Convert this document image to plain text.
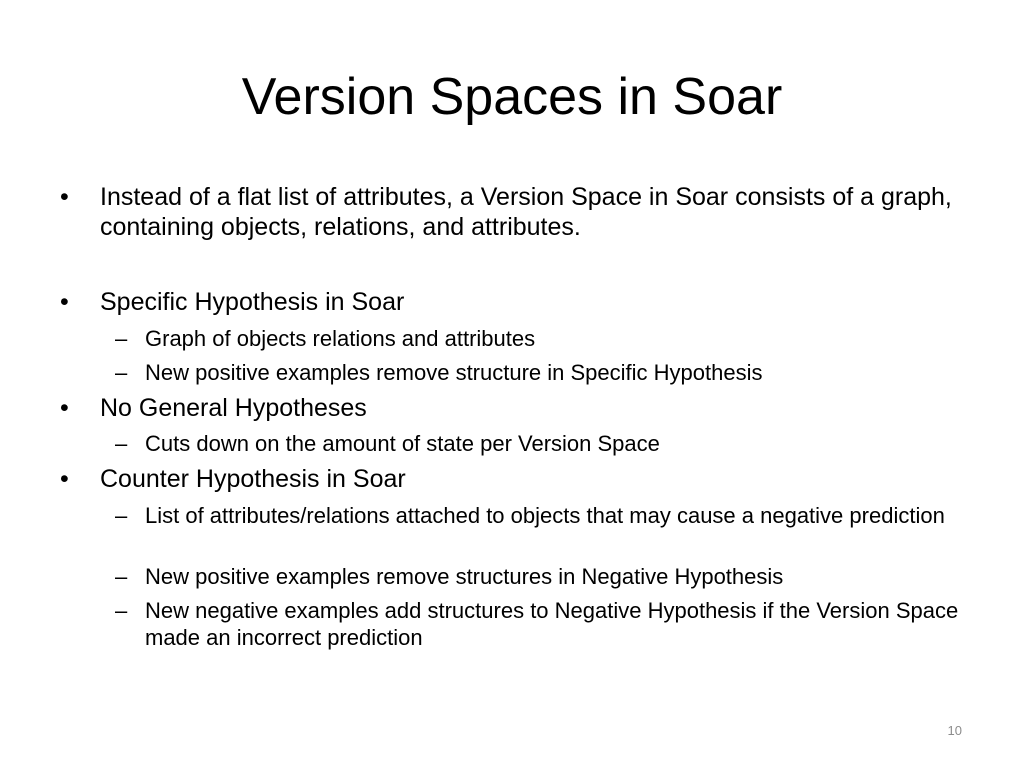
Version Spaces in Soar
• Instead of a flat list of attributes, a Version Space in Soar consists of a graph, containing objects, relations, and attributes.
• Specific Hypothesis in Soar
– Graph of objects relations and attributes
– New positive examples remove structure in Specific Hypothesis
• No General Hypotheses
– Cuts down on the amount of state per Version Space
• Counter Hypothesis in Soar
– List of attributes/relations attached to objects that may cause a negative prediction
– New positive examples remove structures in Negative Hypothesis
– New negative examples add structures to Negative Hypothesis if the Version Space made an incorrect prediction
10
